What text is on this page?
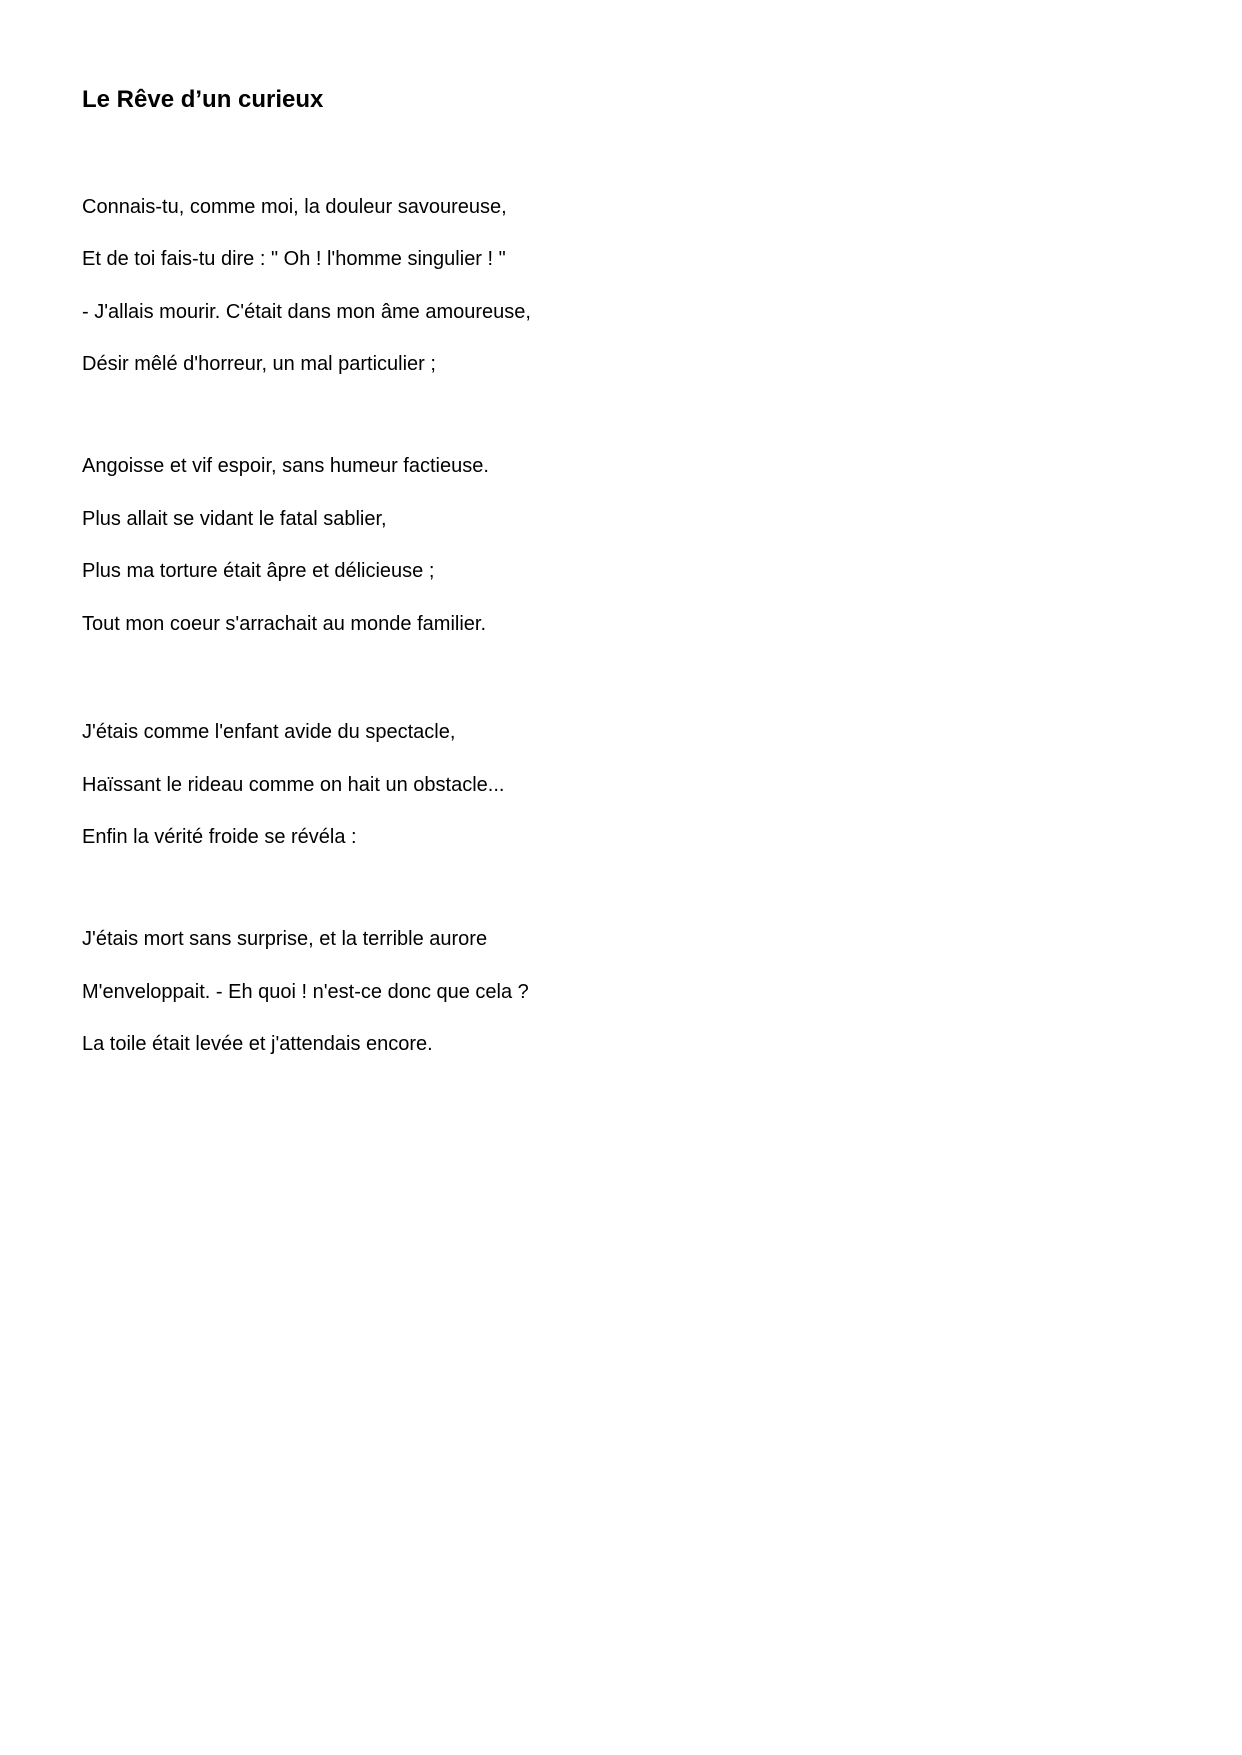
Le Rêve d’un curieux

Connais-tu, comme moi, la douleur savoureuse,

Et de toi fais-tu dire : " Oh ! l'homme singulier ! "

- J'allais mourir. C'était dans mon âme amoureuse,

Désir mêlé d'horreur, un mal particulier ;

Angoisse et vif espoir, sans humeur factieuse.

Plus allait se vidant le fatal sablier,

Plus ma torture était âpre et délicieuse ;

Tout mon coeur s'arrachait au monde familier.

J'étais comme l'enfant avide du spectacle,

Haïssant le rideau comme on hait un obstacle...

Enfin la vérité froide se révéla :

J'étais mort sans surprise, et la terrible aurore

M'enveloppait. - Eh quoi ! n'est-ce donc que cela ?

La toile était levée et j'attendais encore.
